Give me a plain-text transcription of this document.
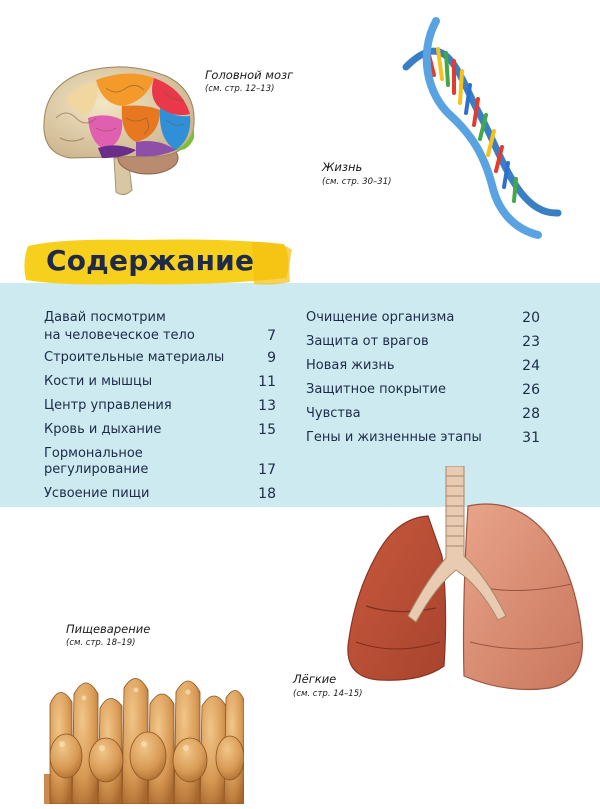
Головной мозг
(см. стр. 12–13)
Жизнь
(см. стр. 30–31)
Содержание
Давай посмотрим
на человеческое тело	7
Строительные материалы	9
Кости и мышцы	11
Центр управления	13
Кровь и дыхание	15
Гормональное
регулирование	17
Усвоение пищи	18
Очищение организма	20
Защита от врагов	23
Новая жизнь	24
Защитное покрытие	26
Чувства	28
Гены и жизненные этапы	31
Лёгкие
(см. стр. 14–15)
Пищеварение
(см. стр. 18–19)
